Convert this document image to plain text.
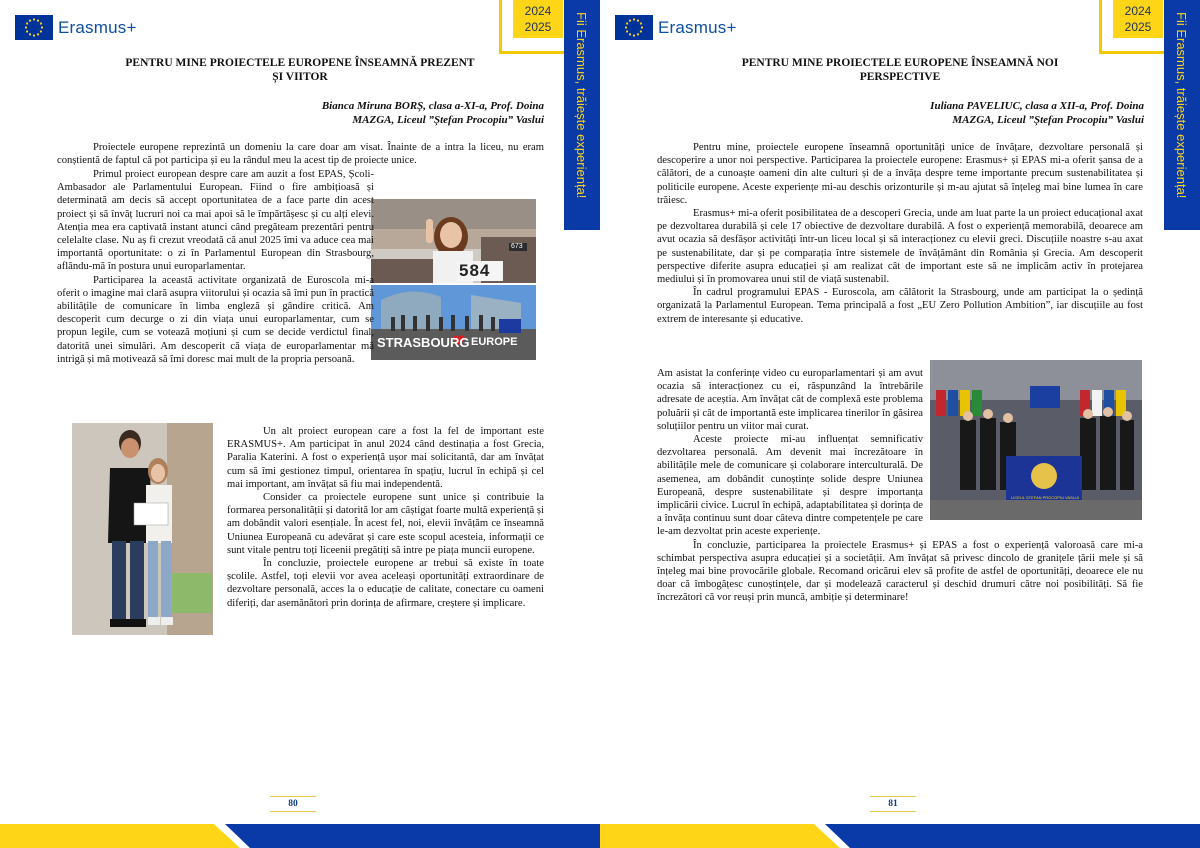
Erasmus+
2024
2025	Fii Erasmus, trăiește experiența!
PENTRU MINE PROIECTELE EUROPENE ÎNSEAMNĂ PREZENT
ȘI VIITOR
Bianca Miruna BORȘ, clasa a-XI-a, Prof. Doina
MAZGA, Liceul ”Ștefan Procopiu” Vaslui
584
673
STRASBOURG EUROPE

Proiectele europene reprezintă un domeniu la care doar am visat. Înainte de a intra la liceu, nu eram conștientă de faptul că pot participa și eu la rândul meu la acest tip de proiecte unice.

Primul proiect european despre care am auzit a fost EPAS, Școli-Ambasador ale Parlamentului European. Fiind o fire ambițioasă și determinată am decis să accept oportunitatea de a face parte din acest proiect și să învăț lucruri noi ca mai apoi să le împărtășesc și cu alți elevi. Atenția mea era captivată instant atunci când pregăteam prezentări pentru celelalte clase. Nu aș fi crezut vreodată că anul 2025 îmi va aduce cea mai importantă oportunitate: o zi în Parlamentul European din Strasbourg, aflându-mă în postura unui europarlamentar.

Participarea la această activitate organizată de Euroscola mi-a oferit o imagine mai clară asupra viitorului și ocazia să îmi pun în practică abilitățile de comunicare în limba engleză și gândire critică. Am descoperit cum decurge o zi din viața unui europarlamentar, cum se propun legile, cum se votează moțiuni și cum se decide verdictul final, datorită unei simulări. Am descoperit că viața de europarlamentar mă intrigă și mă motivează să îmi doresc mai mult de la propria persoană.

Un alt proiect european care a fost la fel de important este ERASMUS+. Am participat în anul 2024 când destinația a fost Grecia, Paralia Katerini. A fost o experiență ușor mai solicitantă, dar am învățat cum să îmi gestionez timpul, orientarea în spațiu, lucrul în echipă și cel mai important, am învățat să fiu mai independentă.

Consider ca proiectele europene sunt unice și contribuie la formarea personalității și datorită lor am câștigat foarte multă experiență și am dobândit valori esențiale. În acest fel, noi, elevii învățăm ce înseamnă Uniunea Europeană cu adevărat și care este scopul acesteia, informații ce sunt vitale pentru toți liceenii pregătiți să intre pe piața muncii europene.

În concluzie, proiectele europene ar trebui să existe în toate școlile. Astfel, toți elevii vor avea aceleași oportunități extraordinare de dezvoltare personală, acces la o educație de calitate, conectare cu oameni diferiți, dar asemănători prin dorința de afirmare, creștere și implicare.

80
Erasmus+
2024
2025	Fii Erasmus, trăiește experiența!
PENTRU MINE PROIECTELE EUROPENE ÎNSEAMNĂ NOI
PERSPECTIVE
Iuliana PAVELIUC, clasa a XII-a, Prof. Doina
MAZGA, Liceul ”Ștefan Procopiu” Vaslui
LICEUL ȘTEFAN PROCOPIU VASLUI

Pentru mine, proiectele europene înseamnă oportunități unice de învățare, dezvoltare personală și descoperire a unor noi perspective. Participarea la proiectele europene: Erasmus+ și EPAS mi-a oferit șansa de a călători, de a cunoaște oameni din alte culturi și de a învăța despre teme importante precum sustenabilitatea și politicile europene. Aceste experiențe mi-au deschis orizonturile și m-au ajutat să înțeleg mai bine lumea în care trăiesc.

Erasmus+ mi-a oferit posibilitatea de a descoperi Grecia, unde am luat parte la un proiect educațional axat pe dezvoltarea durabilă și cele 17 obiective de dezvoltare durabilă. A fost o experiență memorabilă, deoarece am avut ocazia să desfășor activități într-un liceu local și să interacționez cu elevii greci. Discuțiile noastre s-au axat pe sustenabilitate, dar și pe comparația între sistemele de învățământ din România și Grecia. Am descoperit perspective diferite asupra educației și am realizat cât de important este să ne implicăm activ în protejarea mediului și în promovarea unui stil de viață sustenabil.

În cadrul programului EPAS - Euroscola, am călătorit la Strasbourg, unde am participat la o ședință organizată la Parlamentul European. Tema principală a fost „EU Zero Pollution Ambition”, iar discuțiile au fost extrem de interesante și educative.

Am asistat la conferințe video cu europarlamentari și am avut ocazia să interacționez cu ei, răspunzând la întrebările adresate de aceștia. Am învățat cât de complexă este problema poluării și cât de importantă este implicarea tinerilor în găsirea soluțiilor pentru un viitor mai curat.

Aceste proiecte mi-au influențat semnificativ dezvoltarea personală. Am devenit mai încrezătoare în abilitățile mele de comunicare și colaborare interculturală. De asemenea, am dobândit cunoștințe solide despre Uniunea Europeană, despre sustenabilitate și despre importanța implicării civice. Lucrul în echipă, adaptabilitatea și dorința de a învăța continuu sunt doar câteva dintre competențele pe care le-am dezvoltat prin aceste experiențe.

În concluzie, participarea la proiectele Erasmus+ și EPAS a fost o experiență valoroasă care mi-a schimbat perspectiva asupra educației și a societății. Am învățat să privesc dincolo de granițele țării mele și să înțeleg mai bine provocările globale. Recomand oricărui elev să profite de astfel de oportunități, deoarece ele nu doar că îmbogățesc cunoștințele, dar și modelează caracterul și deschid drumuri către noi posibilități. Să fie încrezători că vor reuși prin muncă, ambiție și determinare!

81
